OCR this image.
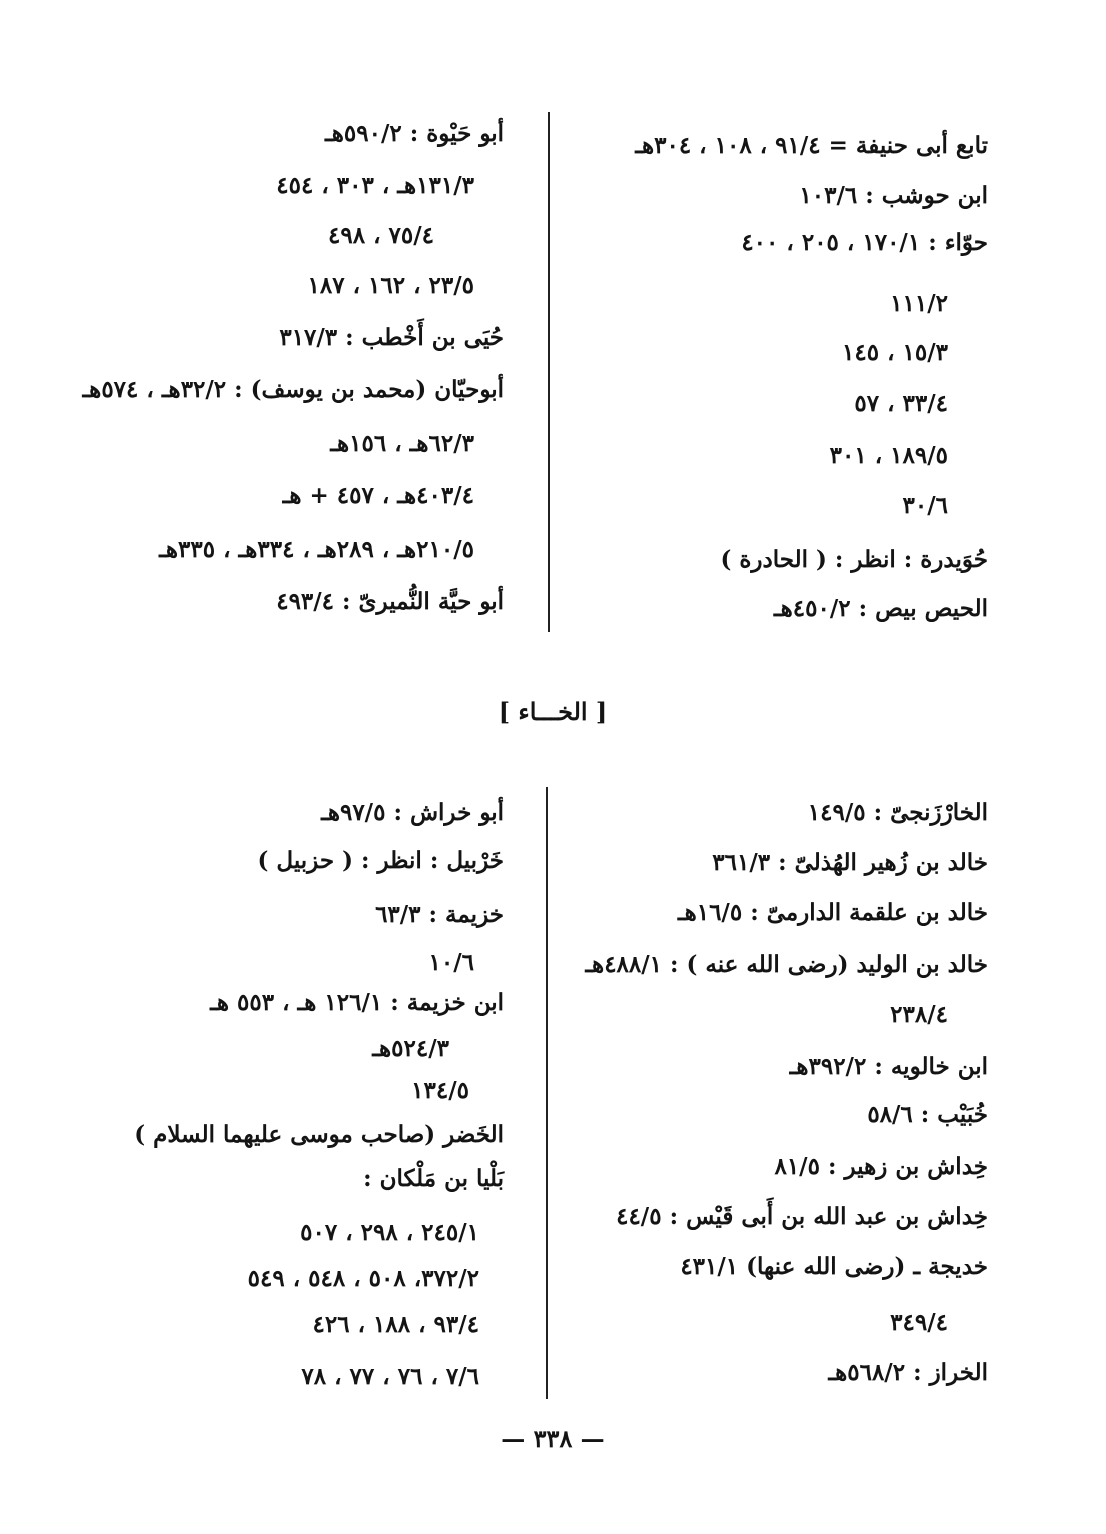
تابع أبى حنيفة = ٩١/٤ ، ١٠٨ ، ٣٠٤هـ
ابن حوشب : ١٠٣/٦
حوّاء : ١٧٠/١ ، ٢٠٥ ، ٤٠٠
١١١/٢
١٥/٣ ، ١٤٥
٣٣/٤ ، ٥٧
١٨٩/٥ ، ٣٠١
٣٠/٦
حُوَيدرة : انظر : ( الحادرة )
الحيص بيص : ٤٥٠/٢هـ
أبو حَيْوة : ٥٩٠/٢هـ
١٣١/٣هـ ، ٣٠٣ ، ٤٥٤
٧٥/٤ ، ٤٩٨
٢٣/٥ ، ١٦٢ ، ١٨٧
حُيَى بن أَخْطب : ٣١٧/٣
أبوحيّان (محمد بن يوسف) : ٣٢/٢هـ ، ٥٧٤هـ
٦٢/٣هـ ، ١٥٦هـ
٤٠٣/٤هـ ، ٤٥٧ + هـ
٢١٠/٥هـ ، ٢٨٩هـ ، ٣٣٤هـ ، ٣٣٥هـ
أبو حيَّة النُّميرىّ : ٤٩٣/٤
[ الخـــاء ]
الخارْزَنجىّ : ١٤٩/٥
خالد بن زُهير الهُذلىّ : ٣٦١/٣
خالد بن علقمة الدارمىّ : ١٦/٥هـ
خالد بن الوليد (رضى الله عنه ) : ٤٨٨/١هـ
٢٣٨/٤
ابن خالويه : ٣٩٢/٢هـ
خُبَيْب : ٥٨/٦
خِداش بن زهير : ٨١/٥
خِداش بن عبد الله بن أَبى قَيْس : ٤٤/٥
خديجة ـ (رضى الله عنها) ٤٣١/١
٣٤٩/٤
الخراز : ٥٦٨/٢هـ
أبو خراش : ٩٧/٥هـ
خَرْبيل : انظر : ( حزبيل )
خزيمة : ٦٣/٣
١٠/٦
ابن خزيمة : ١٢٦/١ هـ ، ٥٥٣ هـ
٥٢٤/٣هـ
١٣٤/٥
الخَضر (صاحب موسى عليهما السلام )
بَلْيا بن مَلْكان :
٢٤٥/١ ، ٢٩٨ ، ٥٠٧
٣٧٢/٢، ٥٠٨ ، ٥٤٨ ، ٥٤٩
٩٣/٤ ، ١٨٨ ، ٤٢٦
٧/٦ ، ٧٦ ، ٧٧ ، ٧٨
— ٣٣٨ —
